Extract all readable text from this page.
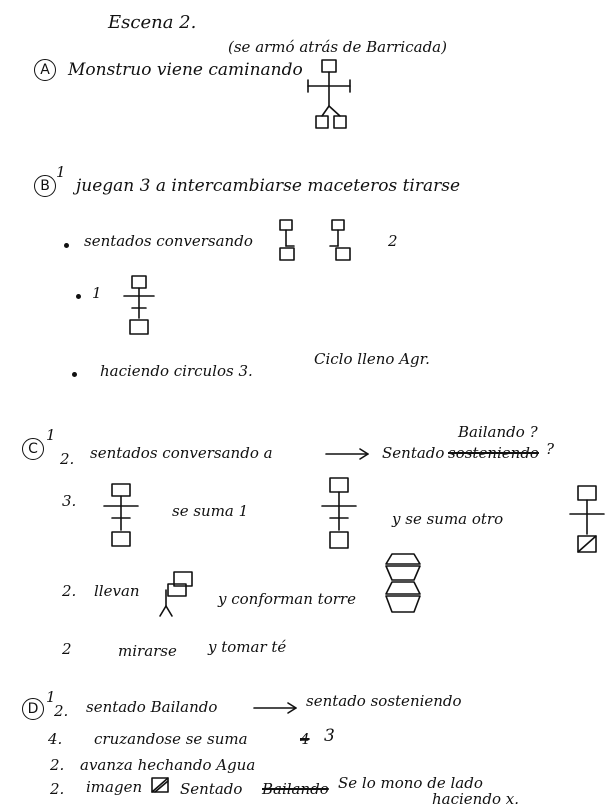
Escena 2.
(se armó atrás de Barricada)
A	Monstruo viene caminando
B
1
juegan 3 a intercambiarse maceteros tirarse
sentados conversando	2
1
haciendo circulos 3.
Ciclo lleno Agr.
C
1	Bailando ?
2. sentados conversando a	Sentado sosteniendo ?
3.
se suma 1	y se suma otro
2. llevan	y conforman torre
2	mirarse y tomar té
D
1
2. sentado Bailando	sentado sosteniendo
4. cruzandose se suma	4 3
2. avanza hechando Agua
2. imagen ☒ Sentado Bailando Se lo mono de lado
haciendo x.
